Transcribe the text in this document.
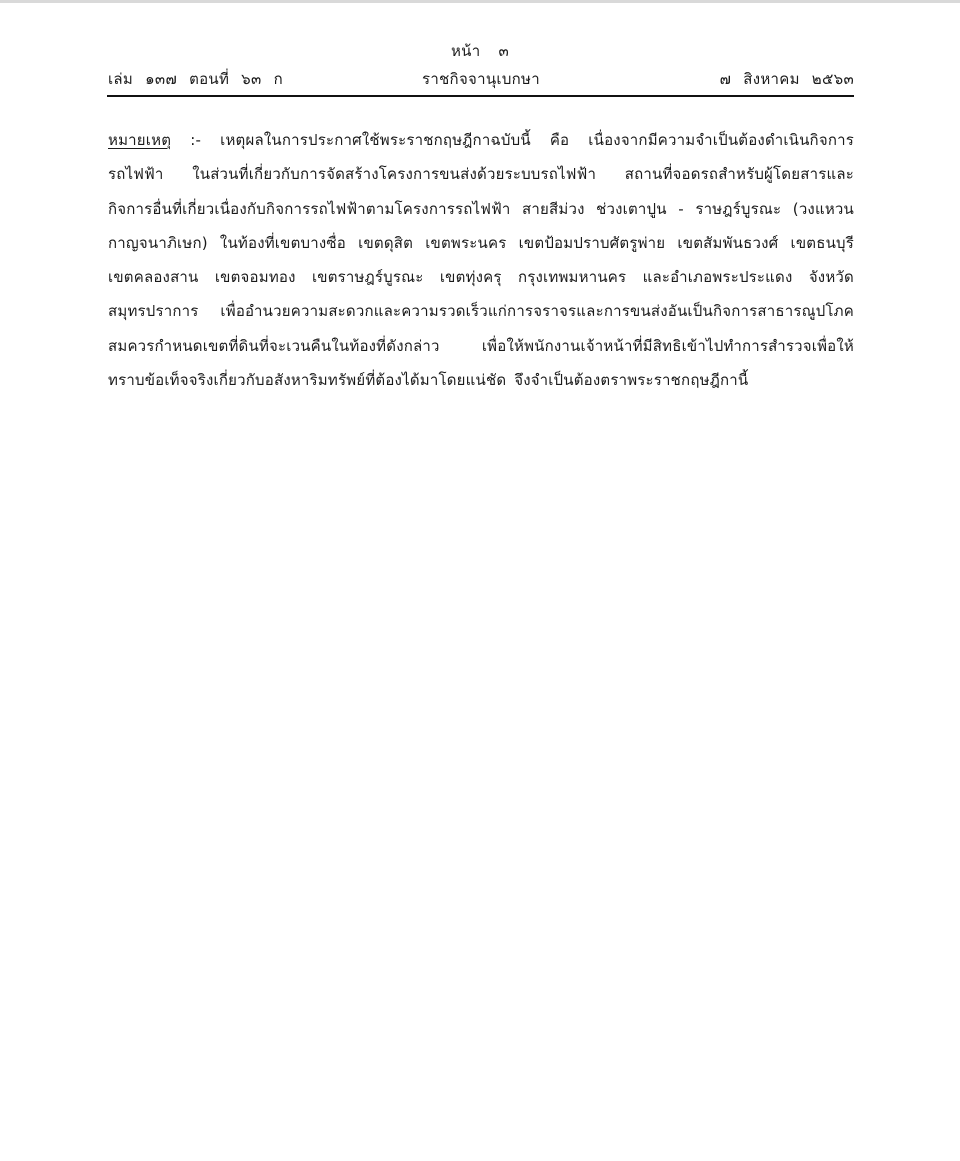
หน้า ๓
เล่ม ๑๓๗ ตอนที่ ๖๓ ก	ราชกิจจานุเบกษา	๗ สิงหาคม ๒๕๖๓
หมายเหตุ :- เหตุผลในการประกาศใช้พระราชกฤษฎีกาฉบับนี้ คือ เนื่องจากมีความจำเป็นต้องดำเนินกิจการรถไฟฟ้า ในส่วนที่เกี่ยวกับการจัดสร้างโครงการขนส่งด้วยระบบรถไฟฟ้า สถานที่จอดรถสำหรับผู้โดยสารและกิจการอื่นที่เกี่ยวเนื่องกับกิจการรถไฟฟ้าตามโครงการรถไฟฟ้า สายสีม่วง ช่วงเตาปูน - ราษฎร์บูรณะ (วงแหวนกาญจนาภิเษก) ในท้องที่เขตบางซื่อ เขตดุสิต เขตพระนคร เขตป้อมปราบศัตรูพ่าย เขตสัมพันธวงศ์ เขตธนบุรี เขตคลองสาน เขตจอมทอง เขตราษฎร์บูรณะ เขตทุ่งครุ กรุงเทพมหานคร และอำเภอพระประแดง จังหวัดสมุทรปราการ เพื่ออำนวยความสะดวกและความรวดเร็วแก่การจราจรและการขนส่งอันเป็นกิจการสาธารณูปโภค สมควรกำหนดเขตที่ดินที่จะเวนคืนในท้องที่ดังกล่าว เพื่อให้พนักงานเจ้าหน้าที่มีสิทธิเข้าไปทำการสำรวจเพื่อให้ทราบข้อเท็จจริงเกี่ยวกับอสังหาริมทรัพย์ที่ต้องได้มาโดยแน่ชัด จึงจำเป็นต้องตราพระราชกฤษฎีกานี้
